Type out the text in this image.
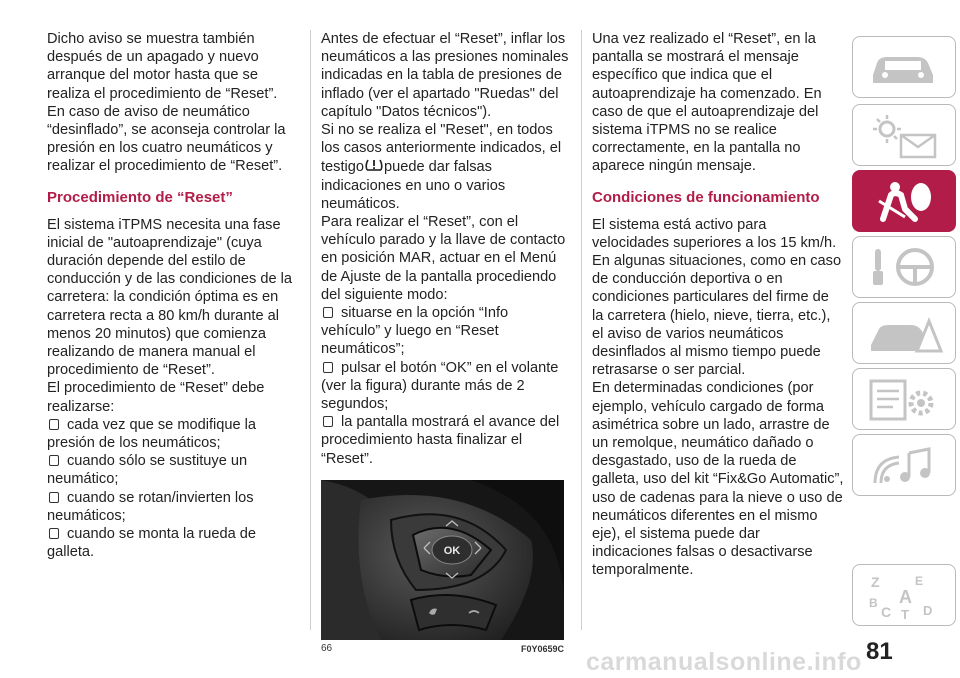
Dicho aviso se muestra también después de un apagado y nuevo arranque del motor hasta que se realiza el procedimiento de “Reset”. En caso de aviso de neumático “desinflado”, se aconseja controlar la presión en los cuatro neumáticos y realizar el procedimiento de “Reset”.

Procedimiento de “Reset”

El sistema iTPMS necesita una fase inicial de "autoaprendizaje" (cuya duración depende del estilo de conducción y de las condiciones de la carretera: la condición óptima es en carretera recta a 80 km/h durante al menos 20 minutos) que comienza realizando de manera manual el procedimiento de “Reset”.

El procedimiento de “Reset” debe realizarse:

cada vez que se modifique la presión de los neumáticos;

cuando sólo se sustituye un neumático;

cuando se rotan/invierten los neumáticos;

cuando se monta la rueda de galleta.

Antes de efectuar el “Reset”, inflar los neumáticos a las presiones nominales indicadas en la tabla de presiones de inflado (ver el apartado "Ruedas" del capítulo "Datos técnicos").

Si no se realiza el "Reset", en todos los casos anteriormente indicados, el testigo puede dar falsas indicaciones en uno o varios neumáticos.

Para realizar el “Reset”, con el vehículo parado y la llave de contacto en posición MAR, actuar en el Menú de Ajuste de la pantalla procediendo del siguiente modo:

situarse en la opción “Info vehículo” y luego en “Reset neumáticos”;

pulsar el botón “OK” en el volante (ver la figura) durante más de 2 segundos;

la pantalla mostrará el avance del procedimiento hasta finalizar el “Reset”.

OK
66	F0Y0659C

Una vez realizado el “Reset”, en la pantalla se mostrará el mensaje específico que indica que el autoaprendizaje ha comenzado. En caso de que el autoaprendizaje del sistema iTPMS no se realice correctamente, en la pantalla no aparece ningún mensaje.

Condiciones de funcionamiento

El sistema está activo para velocidades superiores a los 15 km/h.

En algunas situaciones, como en caso de conducción deportiva o en condiciones particulares del firme de la carretera (hielo, nieve, tierra, etc.), el aviso de varios neumáticos desinflados al mismo tiempo puede retrasarse o ser parcial.

En determinadas condiciones (por ejemplo, vehículo cargado de forma asimétrica sobre un lado, arrastre de un remolque, neumático dañado o desgastado, uso de la rueda de galleta, uso del kit “Fix&Go Automatic”, uso de cadenas para la nieve o uso de neumáticos diferentes en el mismo eje), el sistema puede dar indicaciones falsas o desactivarse temporalmente.

Z	E
B A
C T D
81
carmanualsonline.info
